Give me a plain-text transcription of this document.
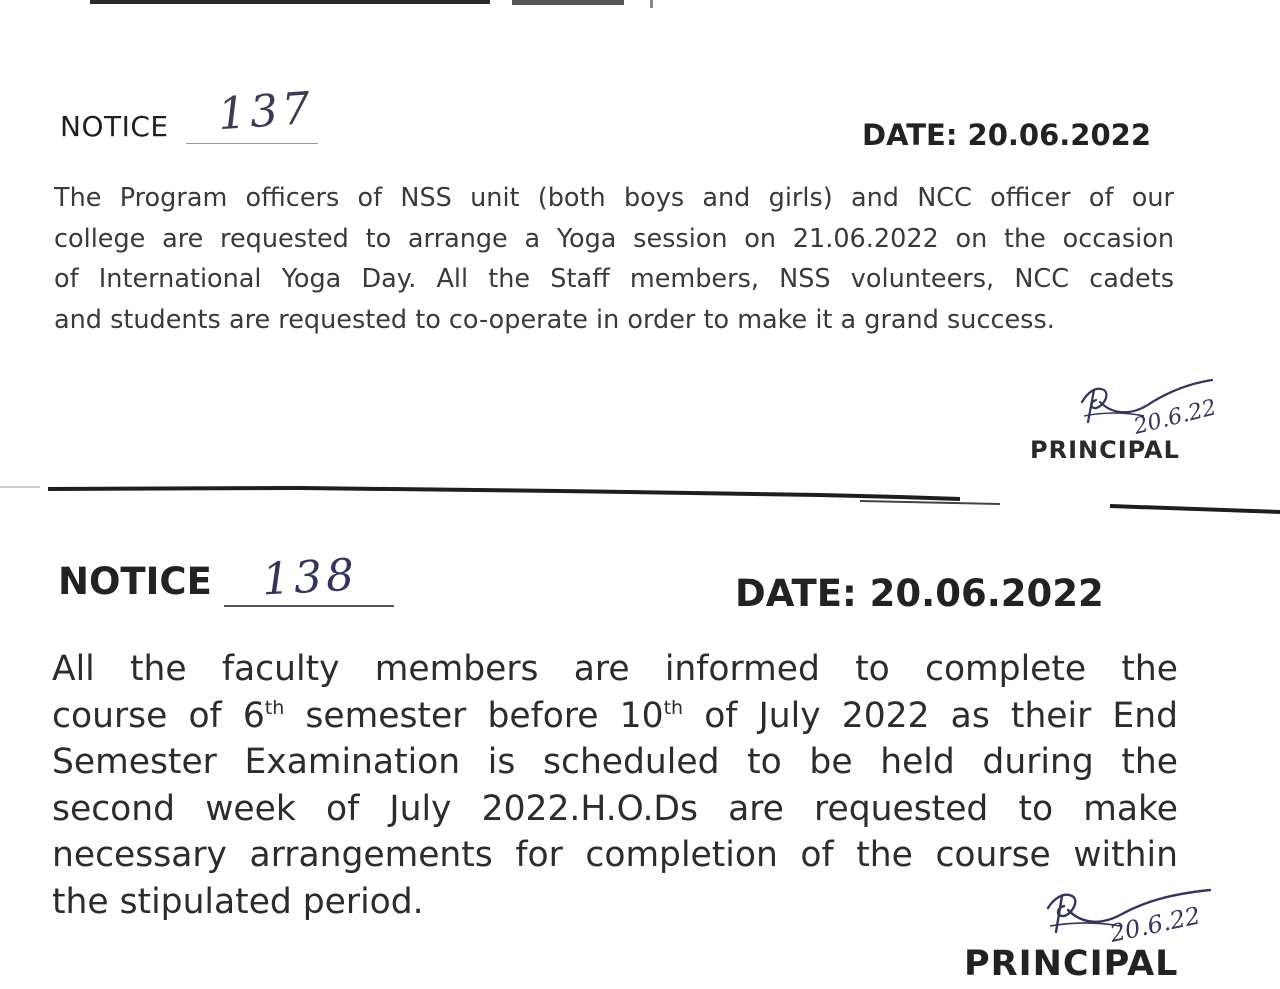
NOTICE 137	DATE: 20.06.2022
The Program officers of NSS unit (both boys and girls) and NCC officer of our
college are requested to arrange a Yoga session on 21.06.2022 on the occasion
of International Yoga Day. All the Staff members, NSS volunteers, NCC cadets
and students are requested to co-operate in order to make it a grand success.
20.6.22
PRINCIPAL
NOTICE 138	DATE: 20.06.2022
All the faculty members are informed to complete the
course of 6th semester before 10th of July 2022 as their End
Semester Examination is scheduled to be held during the
second week of July 2022.H.O.Ds are requested to make
necessary arrangements for completion of the course within
the stipulated period.	20.6.22
PRINCIPAL
